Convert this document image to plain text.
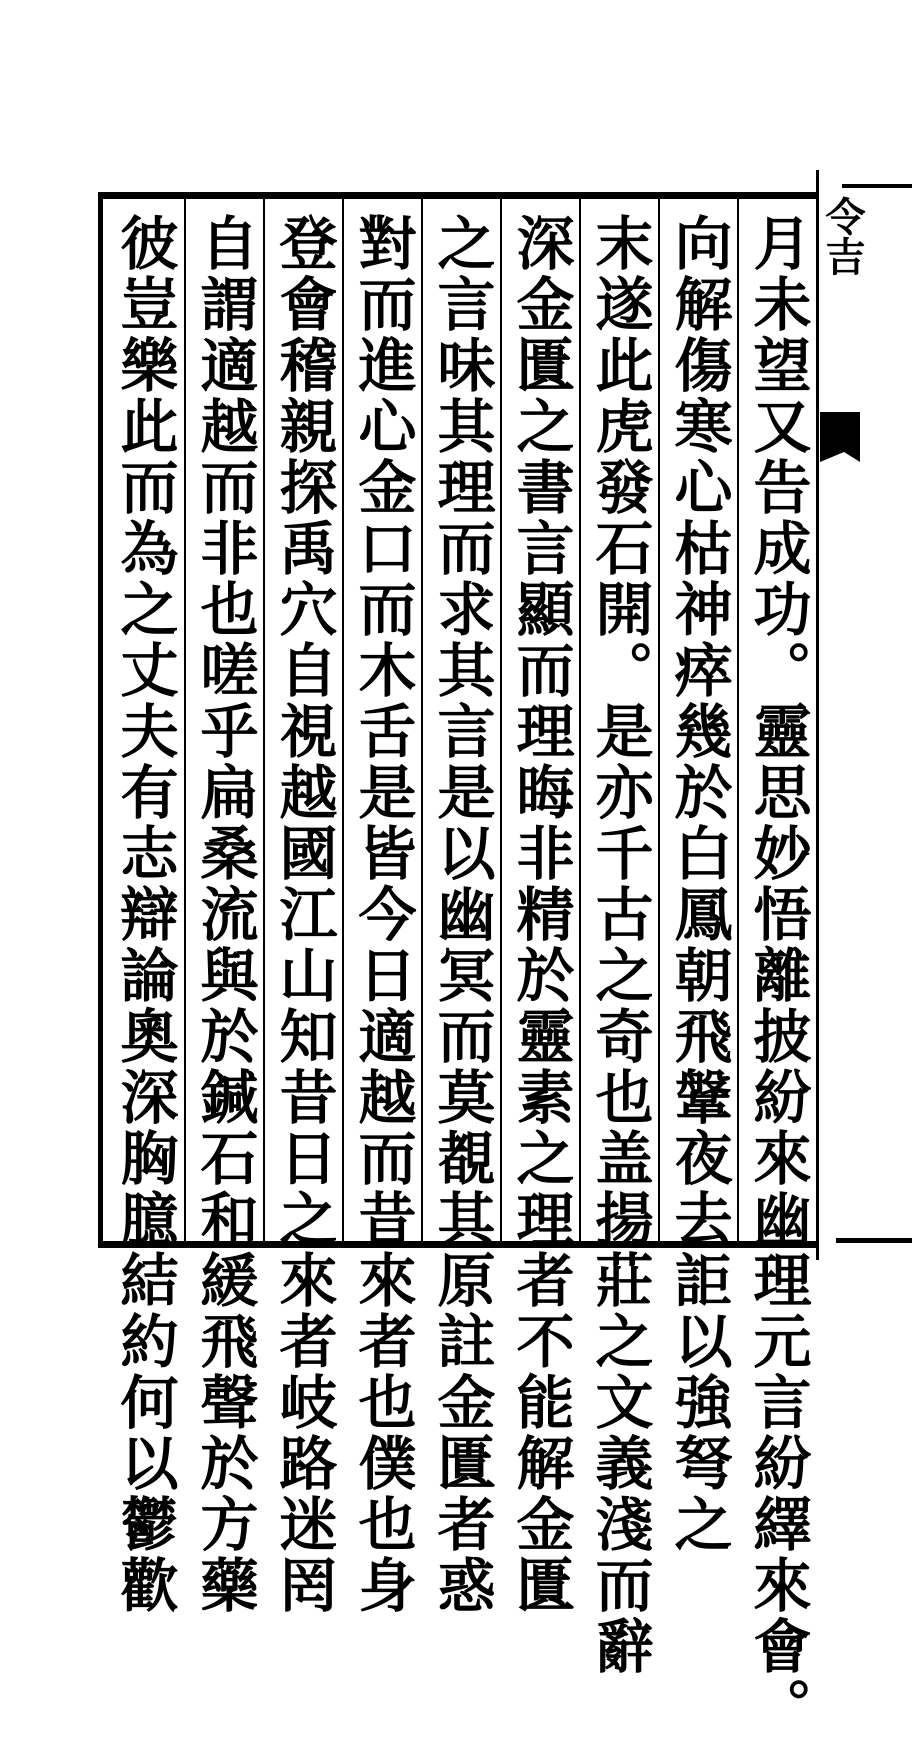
令吉
月未望又告成功。靈思妙悟離披紛來幽理元言紛繹來會。
向解傷寒心枯神瘁幾於白鳳朝飛鞶夜去詎以強弩之
末遂此虎發石開。是亦千古之奇也盖揚莊之文義淺而辭
深金匱之書言顯而理晦非精於靈素之理者不能解金匱
之言味其理而求其言是以幽冥而莫覩其原註金匱者惑
對而進心金口而木舌是皆今日適越而昔來者也僕也身
登會稽親探禹穴自視越國江山知昔日之來者岐路迷罔
自謂適越而非也嗟乎扁桑流與於鍼石和緩飛聲於方藥
彼豈樂此而為之丈夫有志辯論奧深胸臆結約何以鬱歡
